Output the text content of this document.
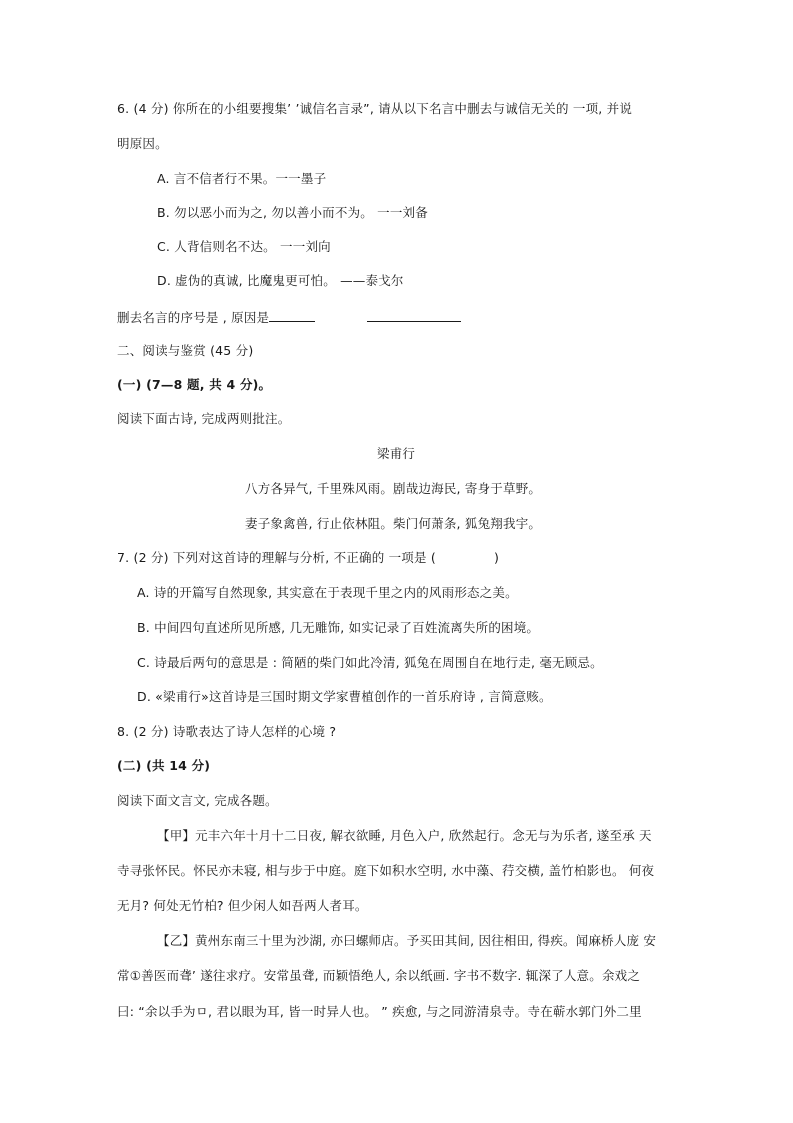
6. (4 分) 你所在的小组要搜集’ ’诚信名言录”, 请从以下名言中删去与诚信无关的 一项, 并说
明原因。
A. 言不信者行不果。一一墨子
B. 勿以恶小而为之, 勿以善小而不为。 一一刘备
C. 人背信则名不达。 一一刘向
D. 虚伪的真诚, 比魔鬼更可怕。 ——泰戈尔
删去名言的序号是 , 原因是
二、阅读与鉴赏 (45 分)
(一) (7—8 题, 共 4 分)。
阅读下面古诗, 完成两则批注。
梁甫行
八方各异气, 千里殊风雨。剧哉边海民, 寄身于草野。
妻子象禽兽, 行止依林阻。柴门何萧条, 狐兔翔我宇。
7. (2 分) 下列对这首诗的理解与分析, 不正确的 一项是 (	)
A. 诗的开篇写自然现象, 其实意在于表现千里之内的风雨形态之美。
B. 中间四句直述所见所感, 几无雕饰, 如实记录了百姓流离失所的困境。
C. 诗最后两句的意思是 : 简陋的柴门如此冷清, 狐兔在周围自在地行走, 毫无顾忌。
D. «梁甫行»这首诗是三国时期文学家曹植创作的一首乐府诗 , 言简意赅。
8. (2 分) 诗歌表达了诗人怎样的心境 ?
(二) (共 14 分)
阅读下面文言文, 完成各题。
【甲】元丰六年十月十二日夜, 解衣欲睡, 月色入户, 欣然起行。念无与为乐者, 遂至承 天
寺寻张怀民。怀民亦未寝, 相与步于中庭。庭下如积水空明, 水中藻、荇交横, 盖竹柏影也。 何夜
无月? 何处无竹柏? 但少闲人如吾两人者耳。
【乙】黄州东南三十里为沙湖, 亦曰螺师店。予买田其间, 因往相田, 得疾。闻麻桥人庞 安
常①善医而聋’ 遂往求疗。安常虽聋, 而颖悟绝人, 余以纸画. 字书不数字. 辄深了人意。余戏之
曰: “余以手为ㅁ, 君以眼为耳, 皆一时异人也。 ” 疾愈, 与之同游清泉寺。寺在蕲水郭门外二里
